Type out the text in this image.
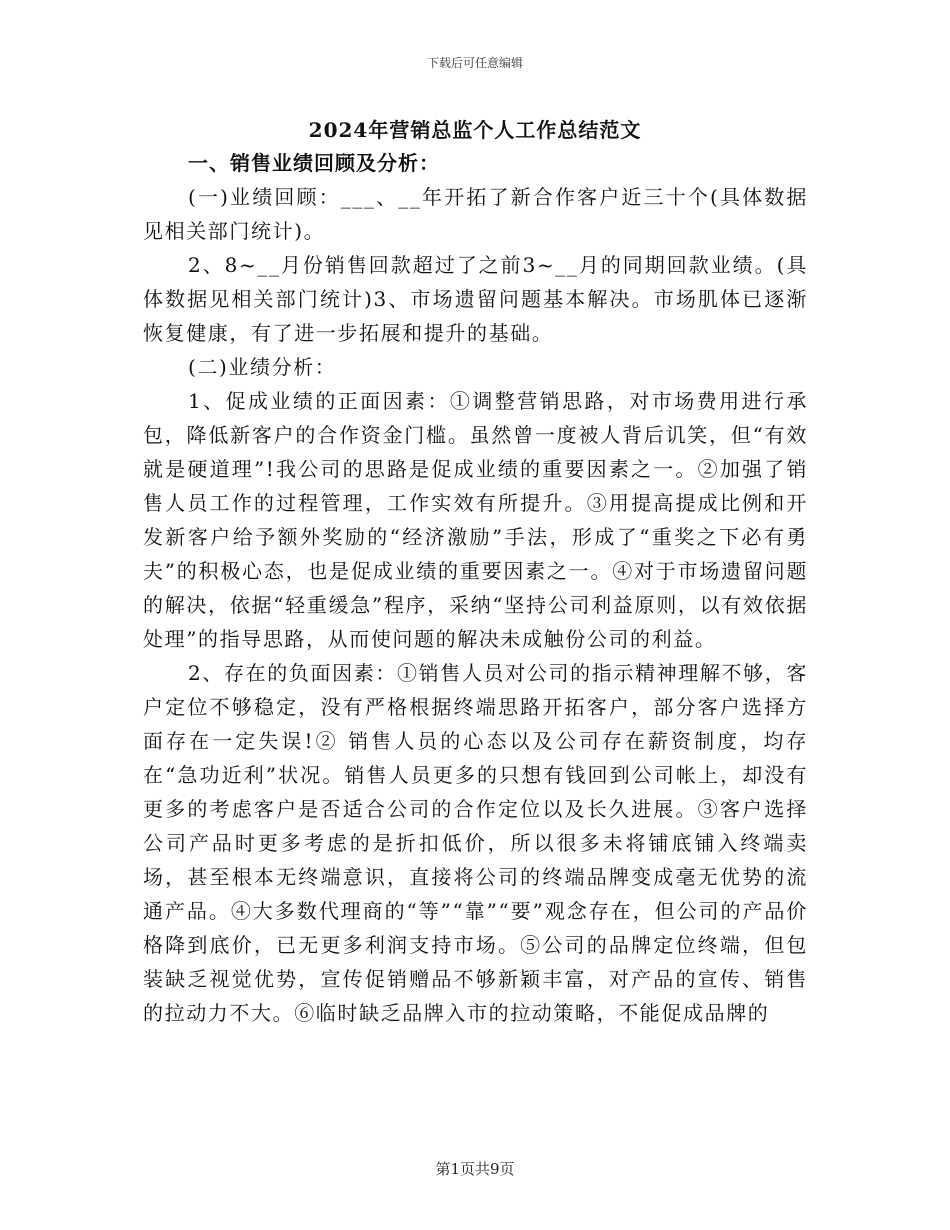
下载后可任意编辑
2024年营销总监个人工作总结范文
一、销售业绩回顾及分析：

(一)业绩回顾：___、__年开拓了新合作客户近三十个(具体数据见相关部门统计)。

2、8~__月份销售回款超过了之前3~__月的同期回款业绩。(具体数据见相关部门统计)3、市场遗留问题基本解决。市场肌体已逐渐恢复健康，有了进一步拓展和提升的基础。

(二)业绩分析：

1、促成业绩的正面因素：①调整营销思路，对市场费用进行承包，降低新客户的合作资金门槛。虽然曾一度被人背后讥笑，但“有效就是硬道理”!我公司的思路是促成业绩的重要因素之一。②加强了销售人员工作的过程管理，工作实效有所提升。③用提高提成比例和开发新客户给予额外奖励的“经济激励”手法，形成了“重奖之下必有勇夫”的积极心态，也是促成业绩的重要因素之一。④对于市场遗留问题的解决，依据“轻重缓急”程序，采纳“坚持公司利益原则，以有效依据处理”的指导思路，从而使问题的解决未成触份公司的利益。

2、存在的负面因素：①销售人员对公司的指示精神理解不够，客户定位不够稳定，没有严格根据终端思路开拓客户，部分客户选择方面存在一定失误!② 销售人员的心态以及公司存在薪资制度，均存在“急功近利”状况。销售人员更多的只想有钱回到公司帐上，却没有更多的考虑客户是否适合公司的合作定位以及长久进展。③客户选择公司产品时更多考虑的是折扣低价，所以很多未将铺底铺入终端卖场，甚至根本无终端意识，直接将公司的终端品牌变成毫无优势的流通产品。④大多数代理商的“等”“靠”“要”观念存在，但公司的产品价格降到底价，已无更多利润支持市场。⑤公司的品牌定位终端，但包装缺乏视觉优势，宣传促销赠品不够新颖丰富，对产品的宣传、销售的拉动力不大。⑥临时缺乏品牌入市的拉动策略，不能促成品牌的

第1页共9页
